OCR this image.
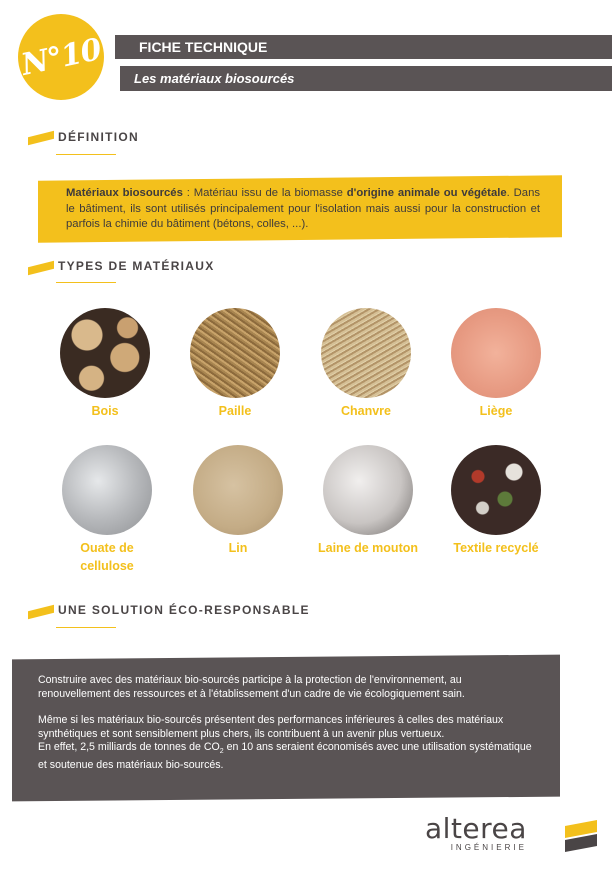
N°10	FICHE TECHNIQUE
Les matériaux biosourcés
DÉFINITION
Matériaux biosourcés : Matériau issu de la biomasse d'origine animale ou végétale. Dans le bâtiment, ils sont utilisés principalement pour l'isolation mais aussi pour la construction et parfois la chimie du bâtiment (bétons, colles, ...).
TYPES DE MATÉRIAUX
Bois	Paille	Chanvre	Liège
Ouate de cellulose
Lin	Laine de mouton	Textile recyclé
UNE SOLUTION ÉCO-RESPONSABLE

Construire avec des matériaux bio-sourcés participe à la protection de l'environnement, au renouvellement des ressources et à l'établissement d'un cadre de vie écologiquement sain.

Même si les matériaux bio-sourcés présentent des performances inférieures à celles des matériaux synthétiques et sont sensiblement plus chers, ils contribuent à un avenir plus vertueux.
En effet, 2,5 milliards de tonnes de $CO_2$ en 10 ans seraient économisés avec une utilisation systématique et soutenue des matériaux bio-sourcés.

alterea
INGÉNIERIE
